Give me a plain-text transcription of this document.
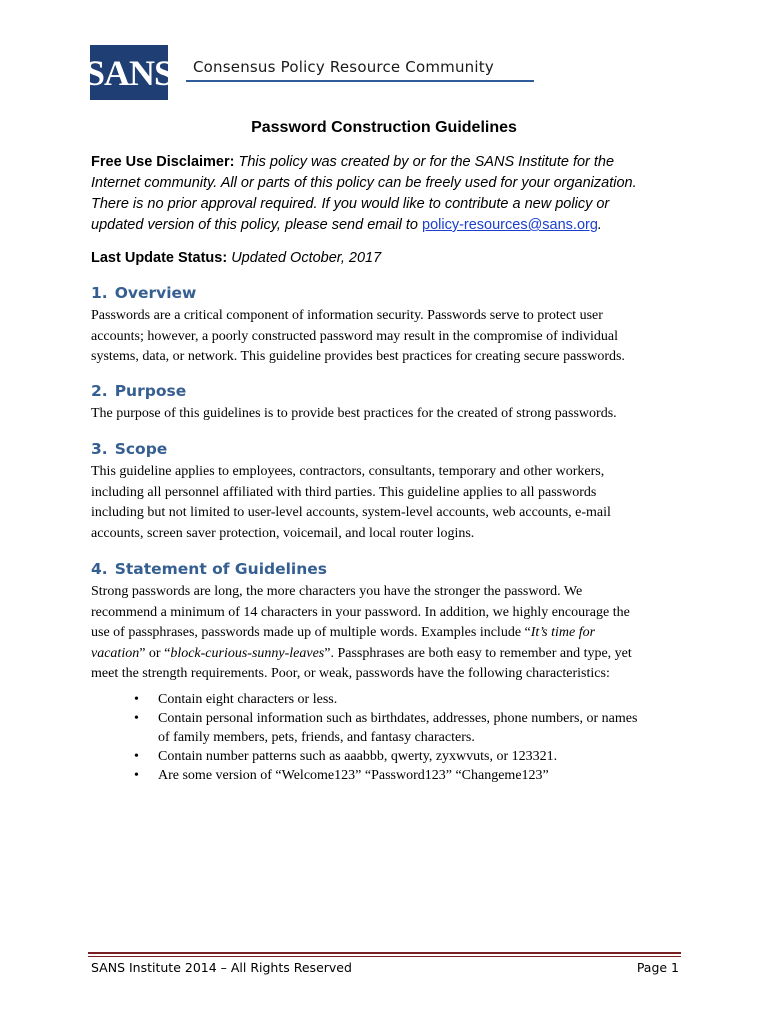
SANS Consensus Policy Resource Community
Password Construction Guidelines
Free Use Disclaimer: This policy was created by or for the SANS Institute for the
Internet community. All or parts of this policy can be freely used for your organization.
There is no prior approval required. If you would like to contribute a new policy or
updated version of this policy, please send email to policy-resources@sans.org.
Last Update Status: Updated October, 2017
1. Overview
Passwords are a critical component of information security. Passwords serve to protect user
accounts; however, a poorly constructed password may result in the compromise of individual
systems, data, or network. This guideline provides best practices for creating secure passwords.
2. Purpose
The purpose of this guidelines is to provide best practices for the created of strong passwords.
3. Scope
This guideline applies to employees, contractors, consultants, temporary and other workers,
including all personnel affiliated with third parties. This guideline applies to all passwords
including but not limited to user-level accounts, system-level accounts, web accounts, e-mail
accounts, screen saver protection, voicemail, and local router logins.
4. Statement of Guidelines
Strong passwords are long, the more characters you have the stronger the password. We
recommend a minimum of 14 characters in your password. In addition, we highly encourage the
use of passphrases, passwords made up of multiple words. Examples include “It’s time for
vacation” or “block-curious-sunny-leaves”. Passphrases are both easy to remember and type, yet
meet the strength requirements. Poor, or weak, passwords have the following characteristics:
• Contain eight characters or less.
• Contain personal information such as birthdates, addresses, phone numbers, or names
of family members, pets, friends, and fantasy characters.
• Contain number patterns such as aaabbb, qwerty, zyxwvuts, or 123321.
• Are some version of “Welcome123” “Password123” “Changeme123”
SANS Institute 2014 – All Rights Reserved	Page 1
